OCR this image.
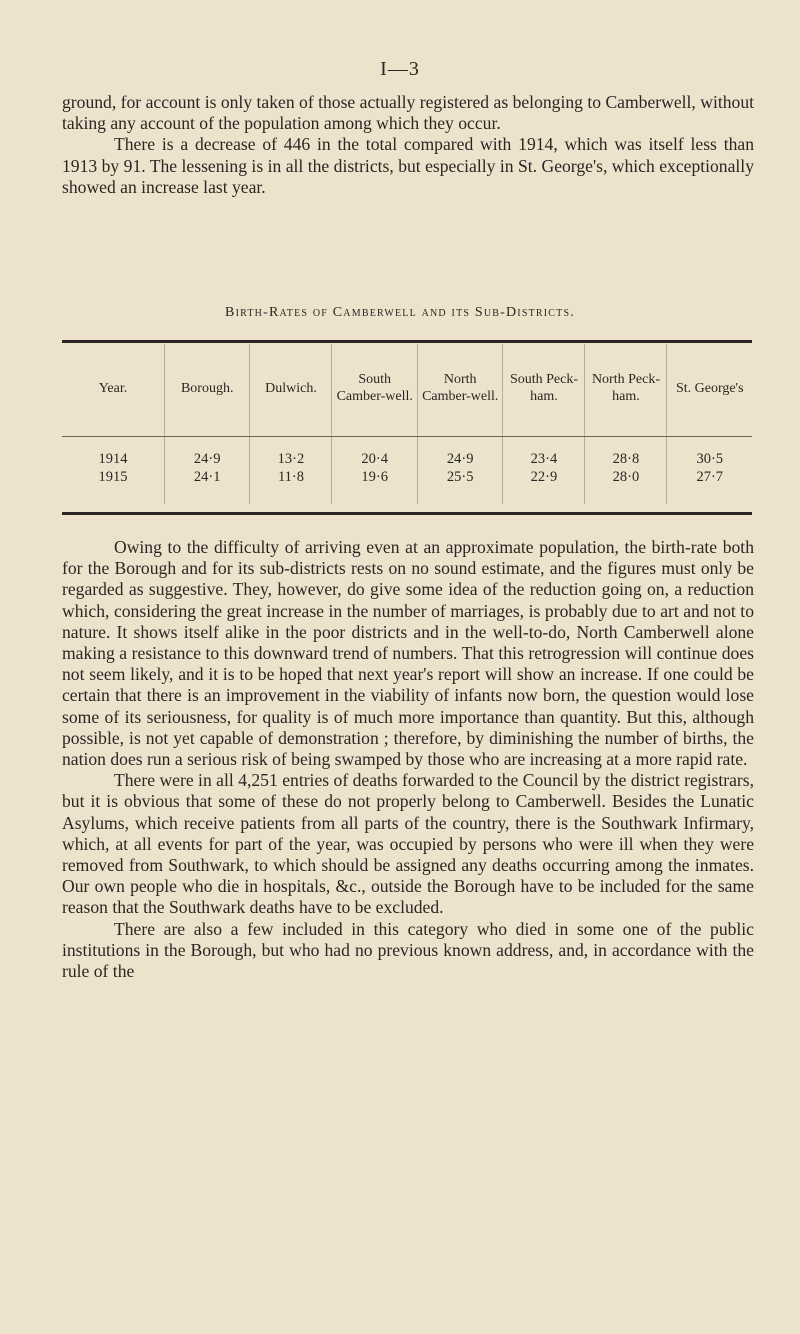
I—3

ground, for account is only taken of those actually registered as belonging to Camberwell, without taking any account of the population among which they occur.

There is a decrease of 446 in the total compared with 1914, which was itself less than 1913 by 91. The lessening is in all the districts, but especially in St. George's, which exceptionally showed an increase last year.

Birth-Rates of Camberwell and its Sub-Districts.
Year.	Borough.	Dulwich.	South Camber-well.	North Camber-well.	South Peck-ham.	North Peck-ham.	St. George's
1914	24·9	13·2	20·4	24·9	23·4	28·8	30·5
1915	24·1	11·8	19·6	25·5	22·9	28·0	27·7

Owing to the difficulty of arriving even at an approximate population, the birth-rate both for the Borough and for its sub-districts rests on no sound estimate, and the figures must only be regarded as suggestive. They, however, do give some idea of the reduction going on, a reduction which, considering the great increase in the number of marriages, is probably due to art and not to nature. It shows itself alike in the poor districts and in the well-to-do, North Camberwell alone making a resistance to this downward trend of numbers. That this retrogression will continue does not seem likely, and it is to be hoped that next year's report will show an increase. If one could be certain that there is an improvement in the viability of infants now born, the question would lose some of its seriousness, for quality is of much more importance than quantity. But this, although possible, is not yet capable of demonstration ; therefore, by diminishing the number of births, the nation does run a serious risk of being swamped by those who are increasing at a more rapid rate.

There were in all 4,251 entries of deaths forwarded to the Council by the district registrars, but it is obvious that some of these do not properly belong to Camberwell. Besides the Lunatic Asylums, which receive patients from all parts of the country, there is the Southwark Infirmary, which, at all events for part of the year, was occupied by persons who were ill when they were removed from Southwark, to which should be assigned any deaths occurring among the inmates. Our own people who die in hospitals, &c., outside the Borough have to be included for the same reason that the Southwark deaths have to be excluded.

There are also a few included in this category who died in some one of the public institutions in the Borough, but who had no previous known address, and, in accordance with the rule of the
